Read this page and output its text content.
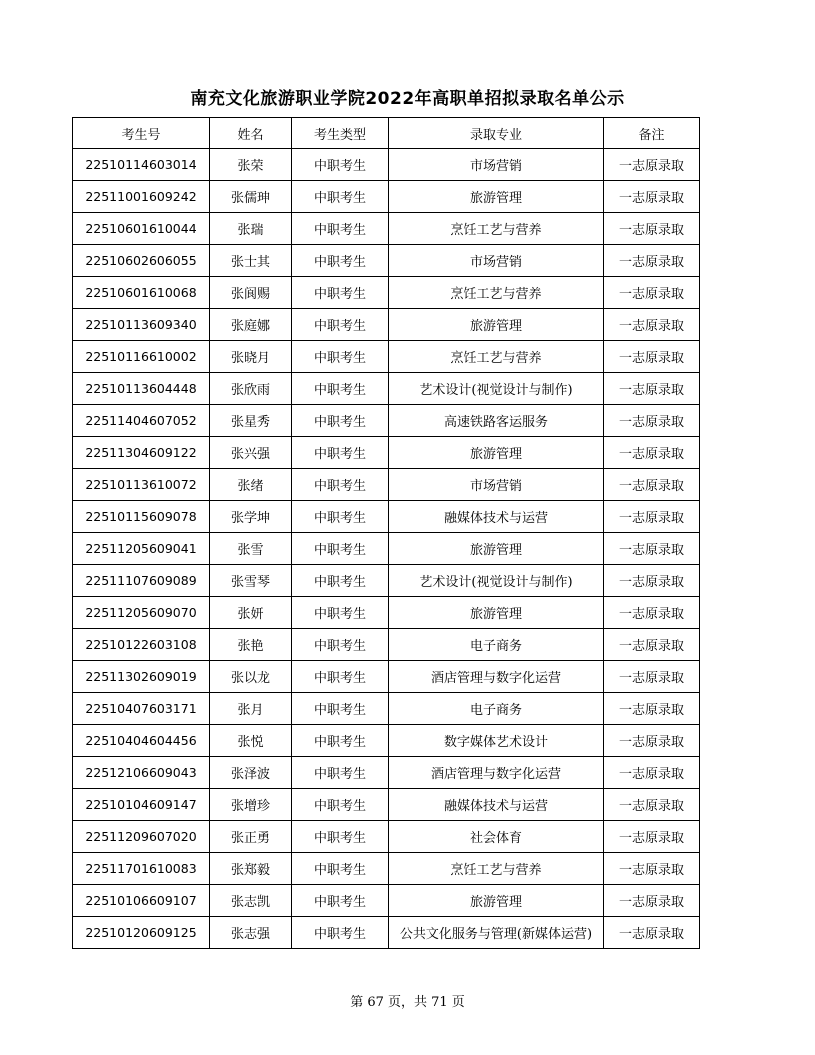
南充文化旅游职业学院2022年高职单招拟录取名单公示
考生号	姓名	考生类型	录取专业	备注
22510114603014	张荣	中职考生	市场营销	一志原录取
22511001609242	张儒珅	中职考生	旅游管理	一志原录取
22510601610044	张瑞	中职考生	烹饪工艺与营养	一志原录取
22510602606055	张士其	中职考生	市场营销	一志原录取
22510601610068	张阆赐	中职考生	烹饪工艺与营养	一志原录取
22510113609340	张庭娜	中职考生	旅游管理	一志原录取
22510116610002	张晓月	中职考生	烹饪工艺与营养	一志原录取
22510113604448	张欣雨	中职考生	艺术设计(视觉设计与制作)	一志原录取
22511404607052	张星秀	中职考生	高速铁路客运服务	一志原录取
22511304609122	张兴强	中职考生	旅游管理	一志原录取
22510113610072	张绪	中职考生	市场营销	一志原录取
22510115609078	张学坤	中职考生	融媒体技术与运营	一志原录取
22511205609041	张雪	中职考生	旅游管理	一志原录取
22511107609089	张雪琴	中职考生	艺术设计(视觉设计与制作)	一志原录取
22511205609070	张妍	中职考生	旅游管理	一志原录取
22510122603108	张艳	中职考生	电子商务	一志原录取
22511302609019	张以龙	中职考生	酒店管理与数字化运营	一志原录取
22510407603171	张月	中职考生	电子商务	一志原录取
22510404604456	张悦	中职考生	数字媒体艺术设计	一志原录取
22512106609043	张泽波	中职考生	酒店管理与数字化运营	一志原录取
22510104609147	张增珍	中职考生	融媒体技术与运营	一志原录取
22511209607020	张正勇	中职考生	社会体育	一志原录取
22511701610083	张郑毅	中职考生	烹饪工艺与营养	一志原录取
22510106609107	张志凯	中职考生	旅游管理	一志原录取
22510120609125	张志强	中职考生	公共文化服务与管理(新媒体运营)	一志原录取
第 67 页，共 71 页
